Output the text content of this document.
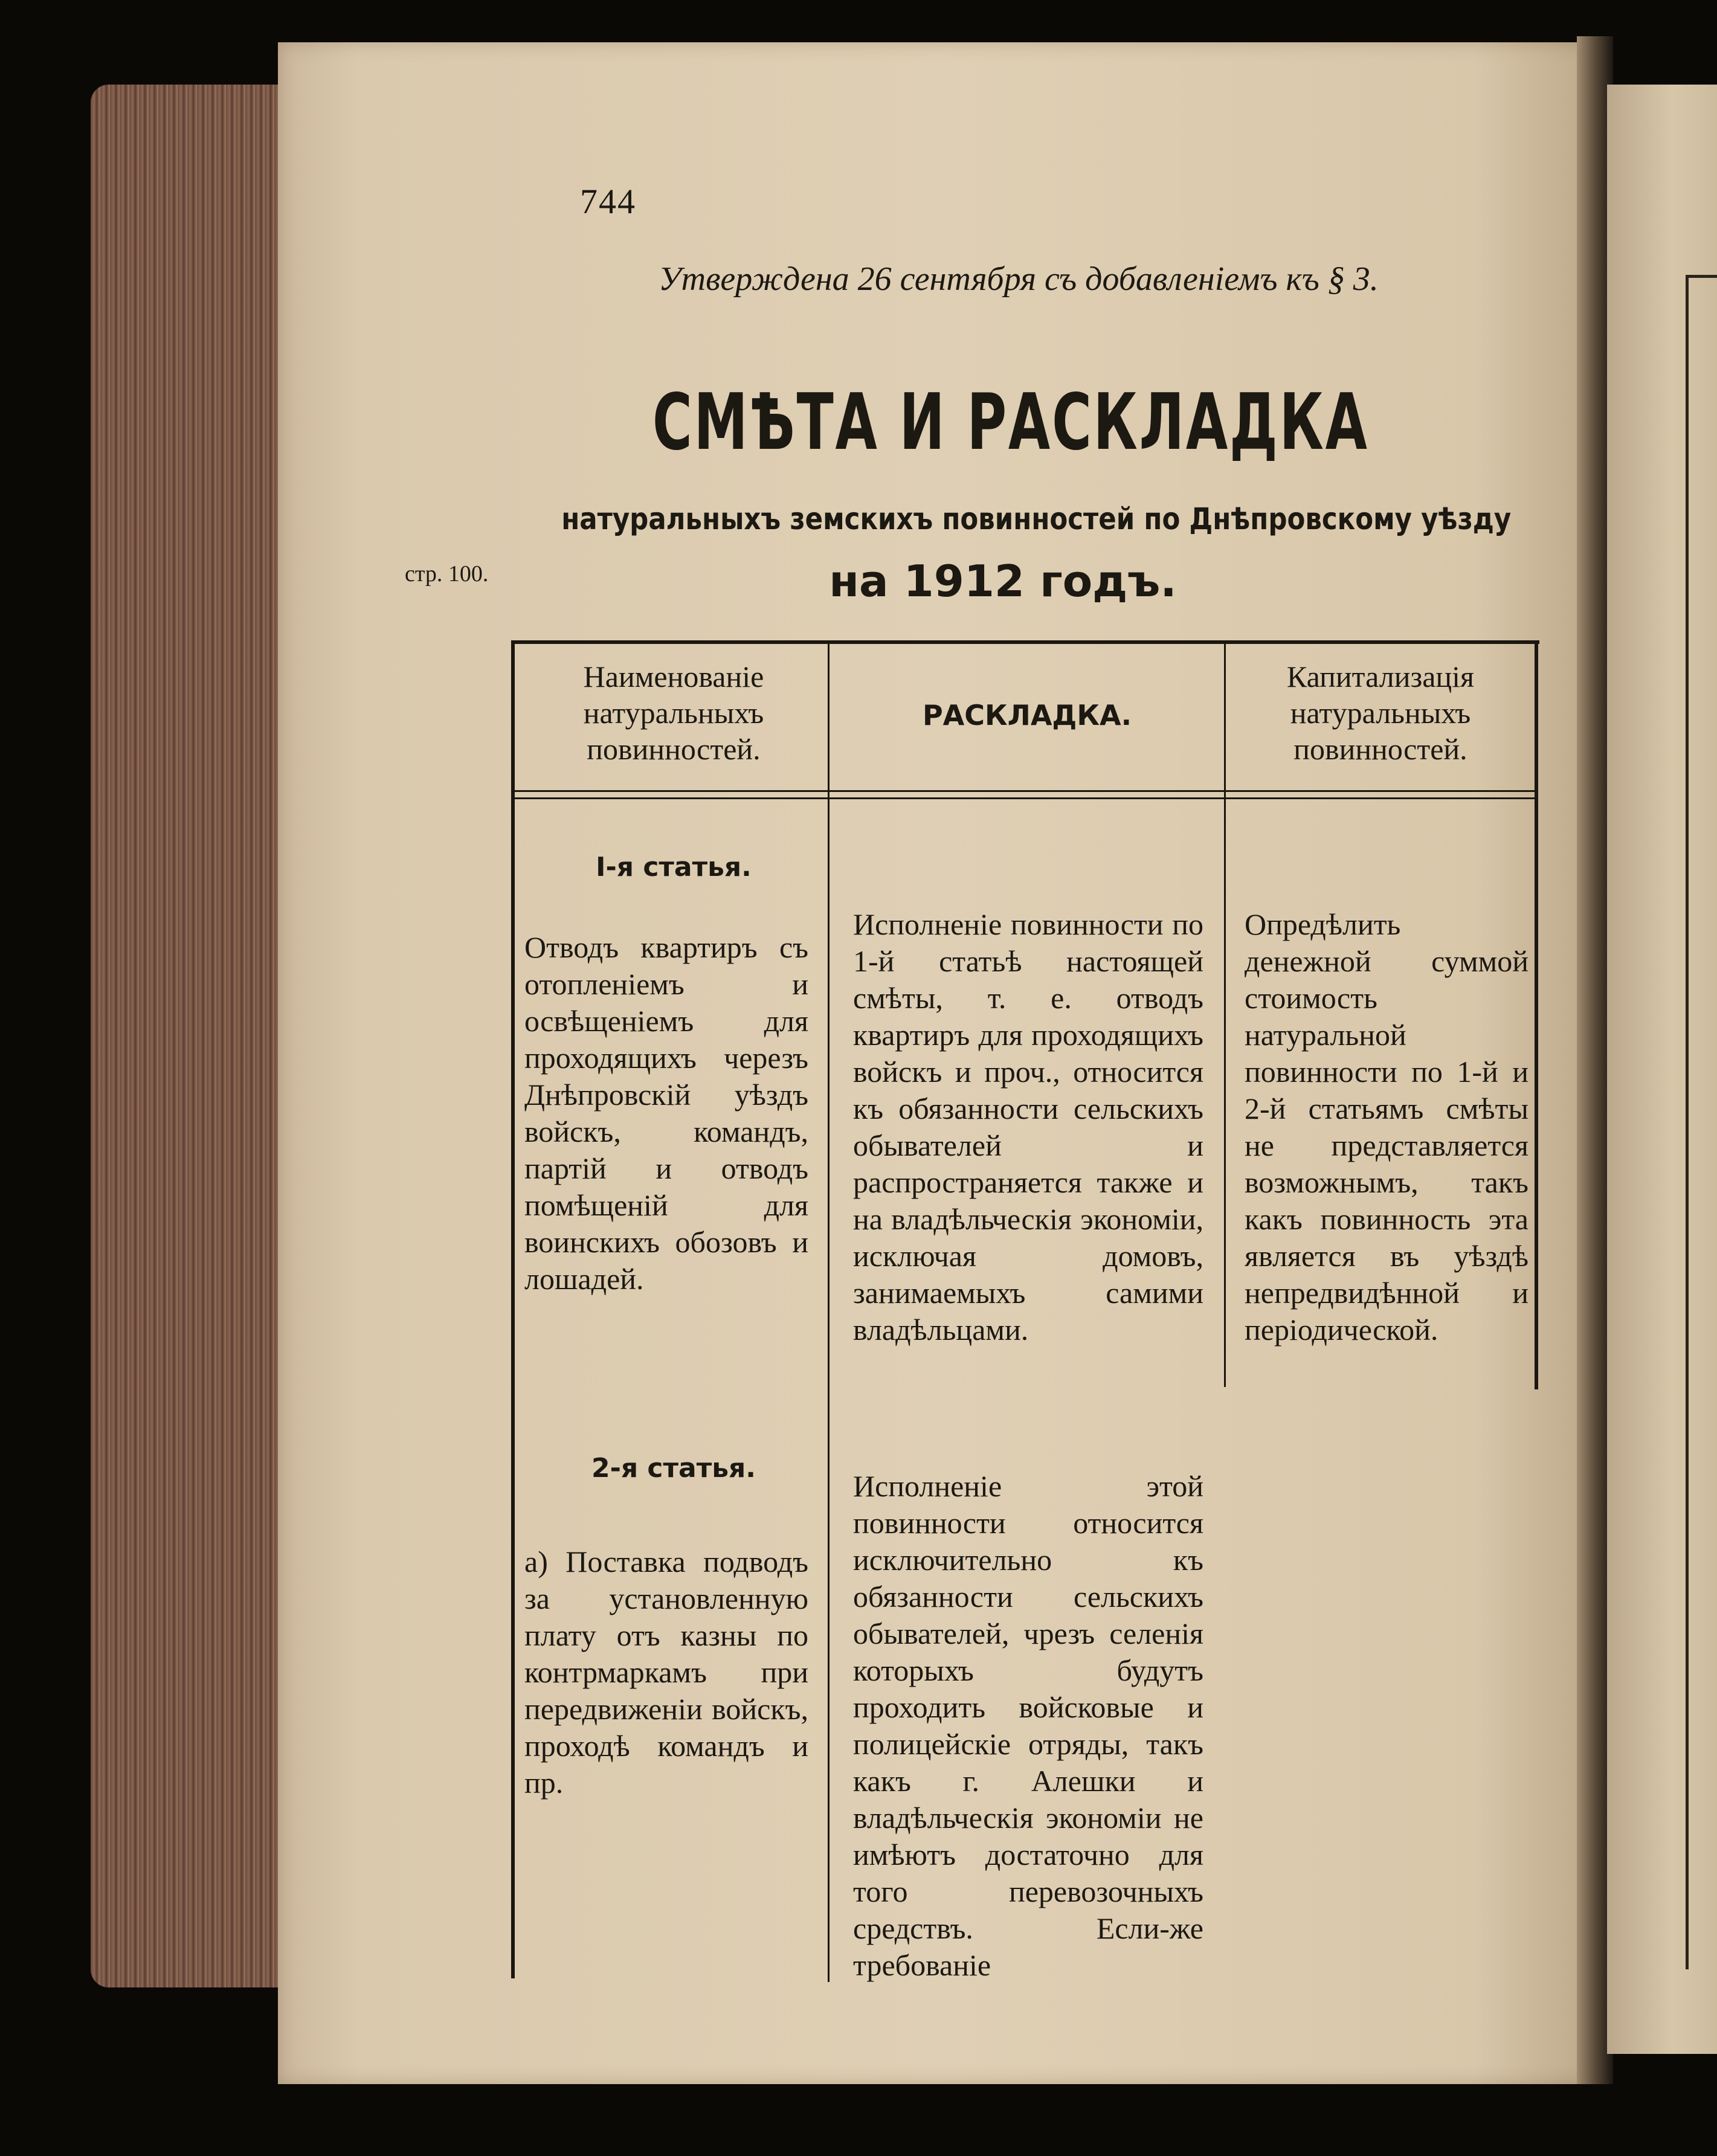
744
Утверждена 26 сентября съ добавленіемъ къ § 3.
СМѢТА И РАСКЛАДКА
натуральныхъ земскихъ повинностей по Днѣпровскому уѣзду
на 1912 годъ.
стр. 100.
Наименованіе натуральныхъ повинностей.
РАСКЛАДКА.
Капитализація натуральныхъ повинностей.
I-я статья.
Отводъ квартиръ съ отопленіемъ и освѣщеніемъ для проходящихъ черезъ Днѣпровскій уѣздъ войскъ, командъ, партій и отводъ помѣщеній для воинскихъ обозовъ и лошадей.
Исполненіе повинности по 1-й статьѣ настоящей смѣты, т. е. отводъ квартиръ для проходящихъ войскъ и проч., относится къ обязанности сельскихъ обывателей и распространяется также и на владѣльческія экономіи, исключая домовъ, занимаемыхъ самими владѣльцами.
Опредѣлить денежной суммой стоимость натуральной повинности по 1-й и 2-й статьямъ смѣты не представляется возможнымъ, такъ какъ повинность эта является въ уѣздѣ непредвидѣнной и періодической.
2-я статья.
а) Поставка подводъ за установленную плату отъ казны по контрмаркамъ при передвиженіи войскъ, проходѣ командъ и пр.
Исполненіе этой повинности относится исключительно къ обязанности сельскихъ обывателей, чрезъ селенія которыхъ будутъ проходить войсковые и полицейскіе отряды, такъ какъ г. Алешки и владѣльческія экономіи не имѣютъ достаточно для того перевозочныхъ средствъ. Если-же требованіе
